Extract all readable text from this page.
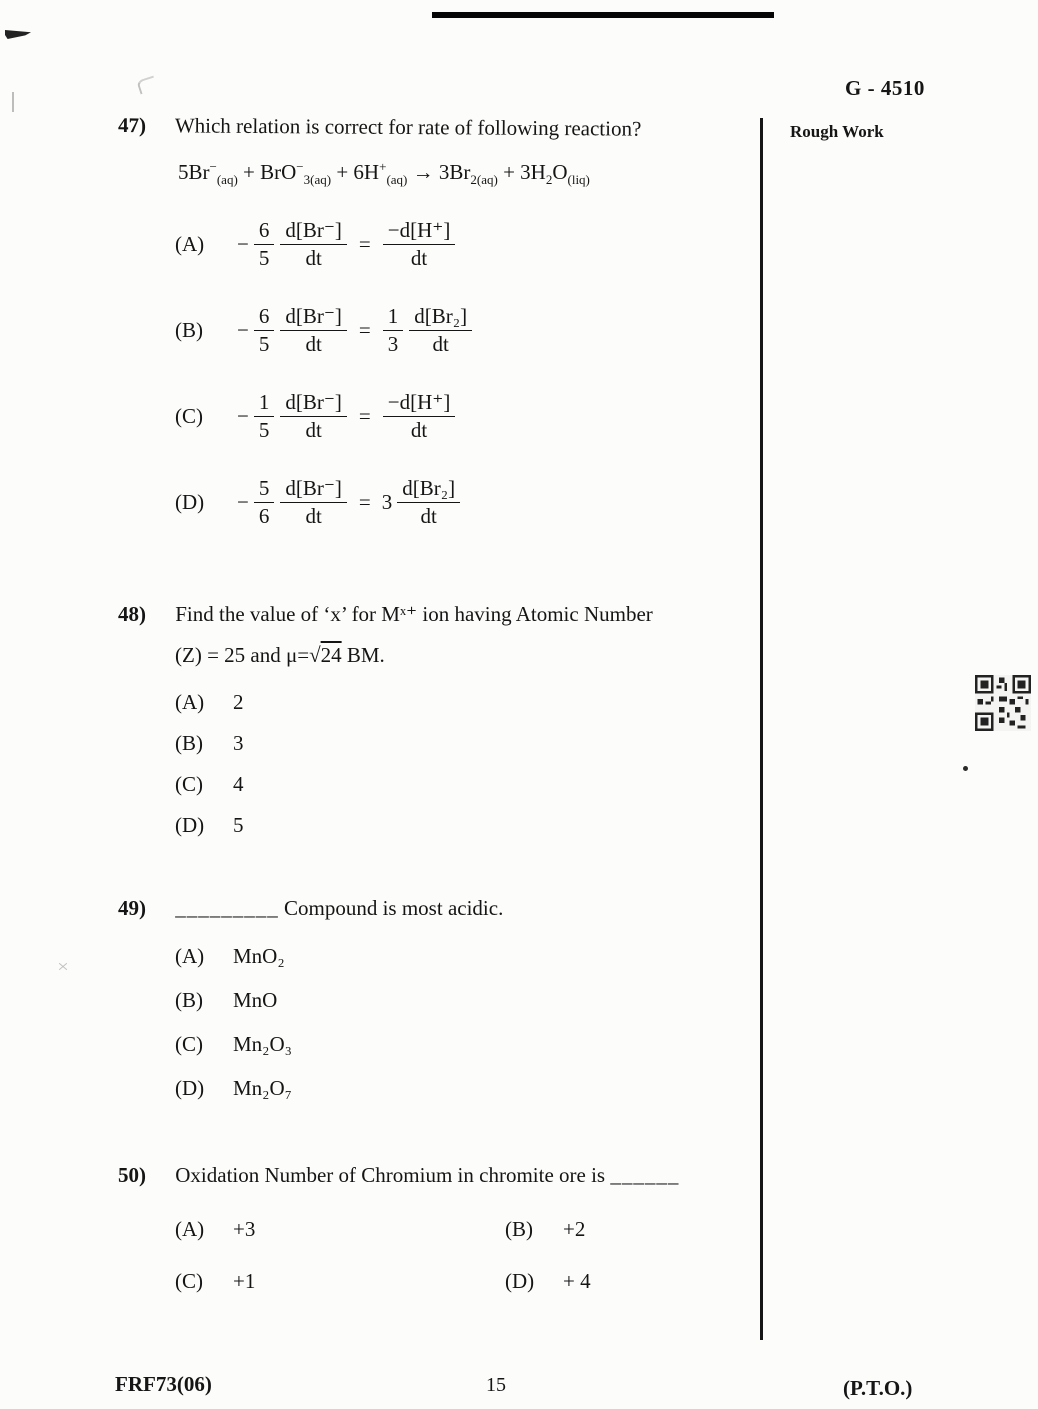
G - 4510
Rough Work
47) Which relation is correct for rate of following reaction?
$5Br^-_{(aq)} + BrO^-_{3(aq)} + 6H^+_{(aq)} \to 3Br_{2(aq)} + 3H_2O_{(liq)}$
(A)	− $\frac{6}{5} \frac{d[Br^-]}{dt} = \frac{-d[H^+]}{dt}$
(B)	− $\frac{6}{5} \frac{d[Br^-]}{dt} = \frac{1}{3} \frac{\text{d[Br₂]}}{dt}$
(C)	− $\frac{1}{5} \frac{d[Br^-]}{dt} = \frac{-d[H^+]}{dt}$
(D)	− $\frac{5}{6} \frac{d[Br^-]}{dt} = 3 \frac{\text{d[Br₂]}}{dt}$
48) Find the value of ‘x’ for Mˣ⁺ ion having Atomic Number
(Z) = 25 and μ=√24 BM.
(A)	2
(B)	3
(C)	4
(D)	5
49) _________ Compound is most acidic.
(A)	MnO₂
(B)	MnO
(C)	Mn₂O₃
(D)	Mn₂O₇
50) Oxidation Number of Chromium in chromite ore is ______
(A)	+3	(B)	+2
(C)	+1	(D)	+ 4
FRF73(06)	15	(P.T.O.)
